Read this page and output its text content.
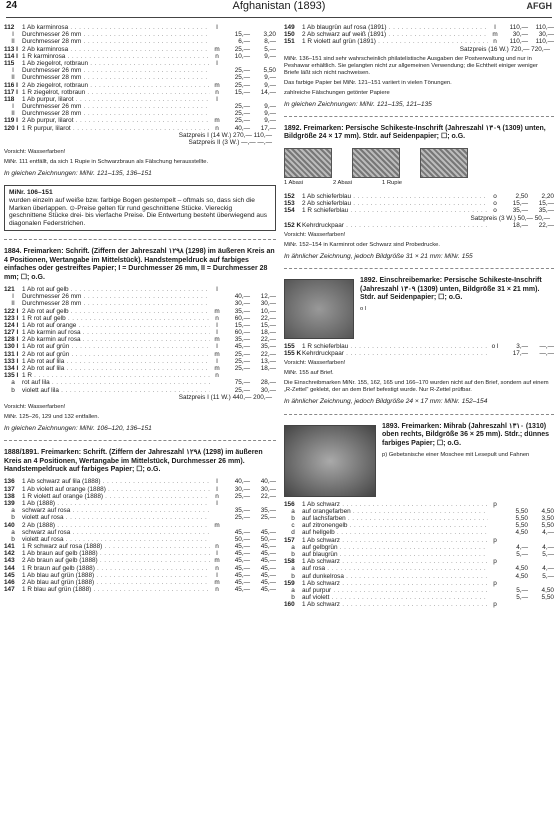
24	Afghanistan (1893)	AFGH
112	1 Ab karminrosa . . .	I
I	Durchmesser 26 mm . . .	15,—	3,20
II	Durchmesser 28 mm . . .	6,—	8,—
113 I 2 Ab karminrosa . . .	m	25,—	5,—
114 I 1 R karminrosa . . .	n	10,—	9,—
115	1 Ab ziegelrot, rotbraun . . .	I
I	Durchmesser 26 mm . . .	25,—	5,50
II	Durchmesser 28 mm . . .	25,—	9,—
116 I 2 Ab ziegelrot, rotbraun . . .	m	25,—	9,—
117 I 1 R ziegelrot, rotbraun . . .	n	15,—	14,—
118	1 Ab purpur, lilarot . . .	I
I	Durchmesser 26 mm . . .	25,—	9,—
II	Durchmesser 28 mm . . .	25,—	9,—
119 I 2 Ab purpur, lilarot . . .	m	25,—	9,—
120 I 1 R purpur, lilarot . . .	n	40,—	17,—
Satzpreis I (14 W.) 270,— 110,—
Satzpreis II (3 W.) —,— —,—
Vorsicht: Wasserfarben!
MiNr. 111 entfällt, da sich 1 Rupie in Schwarzbraun als Fälschung herausstellte.
In gleichen Zeichnungen: MiNr. 121–135, 136–151
MiNr. 106–151
wurden einzeln auf weiße bzw. farbige Bogen gestempelt – oftmals so, dass sich die Marken überlappen. ⊙-Preise gelten für rund geschnittene Stücke. Viereckig geschnittene Stücke drei- bis vierfache Preise. Die Entwertung besteht überwiegend aus diagonalen Federstrichen.
1884. Freimarken: Schrift. (Ziffern der Jahreszahl ١٢٩٨ (1298) im äußeren Kreis an 4 Positionen, Wertangabe im Mittelstück). Handstempeldruck auf farbiges einfaches oder gestreiftes Papier; I = Durchmesser 26 mm, II = Durchmesser 28 mm; ☐; o.G.
121	1 Ab rot auf gelb . . .	I
I	Durchmesser 26 mm . . .	40,—	12,—
II	Durchmesser 28 mm . . .	30,—	30,—
122 I 2 Ab rot auf gelb . . .	m	35,—	10,—
123 I 1 R rot auf gelb . . .	n	60,—	22,—
124 I 1 Ab rot auf orange . . .	I	15,—	15,—
127 I 1 Ab karmin auf rosa . . .	I	60,—	18,—
128 I 2 Ab karmin auf rosa . . .	m	35,—	22,—
130 I 1 Ab rot auf grün . . .	I	45,—	35,—
131 I 2 Ab rot auf grün . . .	m	25,—	22,—
133 I 1 Ab rot auf lila . . .	I	25,—	13,—
134 I 2 Ab rot auf lila . . .	m	25,—	18,—
135 I 1 R . . .	n
a	rot auf lila . . .	75,—	28,—
b	violett auf lila . . .	25,—	30,—
Satzpreis I (11 W.) 440,— 200,—
Vorsicht: Wasserfarben!
MiNr. 125–26, 129 und 132 entfallen.
In gleichen Zeichnungen: MiNr. 106–120, 136–151
1888/1891. Freimarken: Schrift. (Ziffern der Jahreszahl ١٢٩٨ (1298) im äußeren Kreis an 4 Positionen, Wertangabe im Mittelstück, Durchmesser 26 mm). Handstempeldruck auf farbiges Papier; ☐; o.G.
136	1 Ab schwarz auf lila (1888) . . .	I	40,—	40,—
137	1 Ab violett auf orange (1888) . . .	I	30,—	30,—
138	1 R violett auf orange (1888) . . .	n	25,—	22,—
139	1 Ab (1888) . . .	I
a	schwarz auf rosa . . .	35,—	35,—
b	violett auf rosa . . .	25,—	25,—
140	2 Ab (1888) . . .	m
a	schwarz auf rosa . . .	45,—	45,—
b	violett auf rosa . . .	50,—	50,—
141	1 R schwarz auf rosa (1888) . . .	n	45,—	45,—
142	1 Ab braun auf gelb (1888) . . .	I	45,—	45,—
143	2 Ab braun auf gelb (1888) . . .	m	45,—	45,—
144	1 R braun auf gelb (1888) . . .	n	45,—	45,—
145	1 Ab blau auf grün (1888) . . .	I	45,—	45,—
146	2 Ab blau auf grün (1888) . . .	m	45,—	45,—
147	1 R blau auf grün (1888) . . .	n	45,—	45,—
149	1 Ab blaugrün auf rosa (1891) . . .	I	110,—	110,—
150	2 Ab schwarz auf weiß (1891) . . .	m	30,—	30,—
151	1 R violett auf grün (1891) . . .	n	110,—	110,—
Satzpreis (16 W.) 720,— 720,—
MiNr. 136–151 sind sehr wahrscheinlich philatelistische Ausgaben der Postverwaltung und nur in Peshawar erhältlich. Sie gelangten nicht zur allgemeinen Verwendung; die Echtheit einiger weniger Briefe läßt sich nicht nachweisen.
Das farbige Papier bei MiNr. 121–151 variiert in vielen Tönungen.
zahlreiche Fälschungen getönter Papiere
In gleichen Zeichnungen: MiNr. 121–135, 121–135
1892. Freimarken: Persische Schikeste-Inschrift (Jahreszahl ١٣٠٩ (1309) unten, Bildgröße 24 × 17 mm). Stdr. auf Seidenpapier; ☐; o.G.
1 Abasi	2 Abasi	1 Rupie
152	1 Ab schieferblau . . .	o	2,50	2,20
153	2 Ab schieferblau . . .	o	15,—	15,—
154	1 R schieferblau . . .	o	35,—	35,—
Satzpreis (3 W.) 50,— 50,—
152 K Kehrdruckpaar . . .	18,—	22,—
Vorsicht: Wasserfarben!
MiNr. 152–154 in Karminrot oder Schwarz sind Probedrucke.
In ähnlicher Zeichnung, jedoch Bildgröße 31 × 21 mm: MiNr. 155
1892. Einschreibemarke: Persische Schikeste-Inschrift (Jahreszahl ١٣٠٩ (1309) unten, Bildgröße 31 × 21 mm). Stdr. auf Seidenpapier; ☐; o.G.
o l
155	1 R schieferblau . . .	o l	3,—	—,—
155 K Kehrdruckpaar . . .	17,—	—,—
Vorsicht: Wasserfarben!
MiNr. 155 auf Brief.
Die Einschreibmarken MiNr. 155, 162, 165 und 166–170 wurden nicht auf den Brief, sondern auf einem „R-Zettel“ geklebt, der an dem Brief befestigt wurde. Nur R-Zettel prüfbar.
In ähnlicher Zeichnung, jedoch Bildgröße 24 × 17 mm: MiNr. 152–154
1893. Freimarken: Mihrab (Jahreszahl ١٣١٠ (1310) oben rechts, Bildgröße 36 × 25 mm). Stdr.; dünnes farbiges Papier; ☐; o.G.
p) Gebetsnische einer Moschee mit Lesepult und Fahnen
156	1 Ab schwarz . . .	p
a	auf orangefarben . . .	5,50	4,50
b	auf lachsfarben . . .	5,50	3,50
c	auf zitronengelb . . .	5,50	5,50
d	auf hellgelb . . .	4,50	4,—
157	1 Ab schwarz . . .	p
a	auf gelbgrün . . .	4,—	4,—
b	auf blaugrün . . .	5,—	5,—
158	1 Ab schwarz . . .	p
a	auf rosa . . .	4,50	4,—
b	auf dunkelrosa . . .	4,50	5,—
159	1 Ab schwarz . . .	p
a	auf purpur . . .	5,—	4,50
b	auf violett . . .	5,—	5,50
160	1 Ab schwarz . . .	p
